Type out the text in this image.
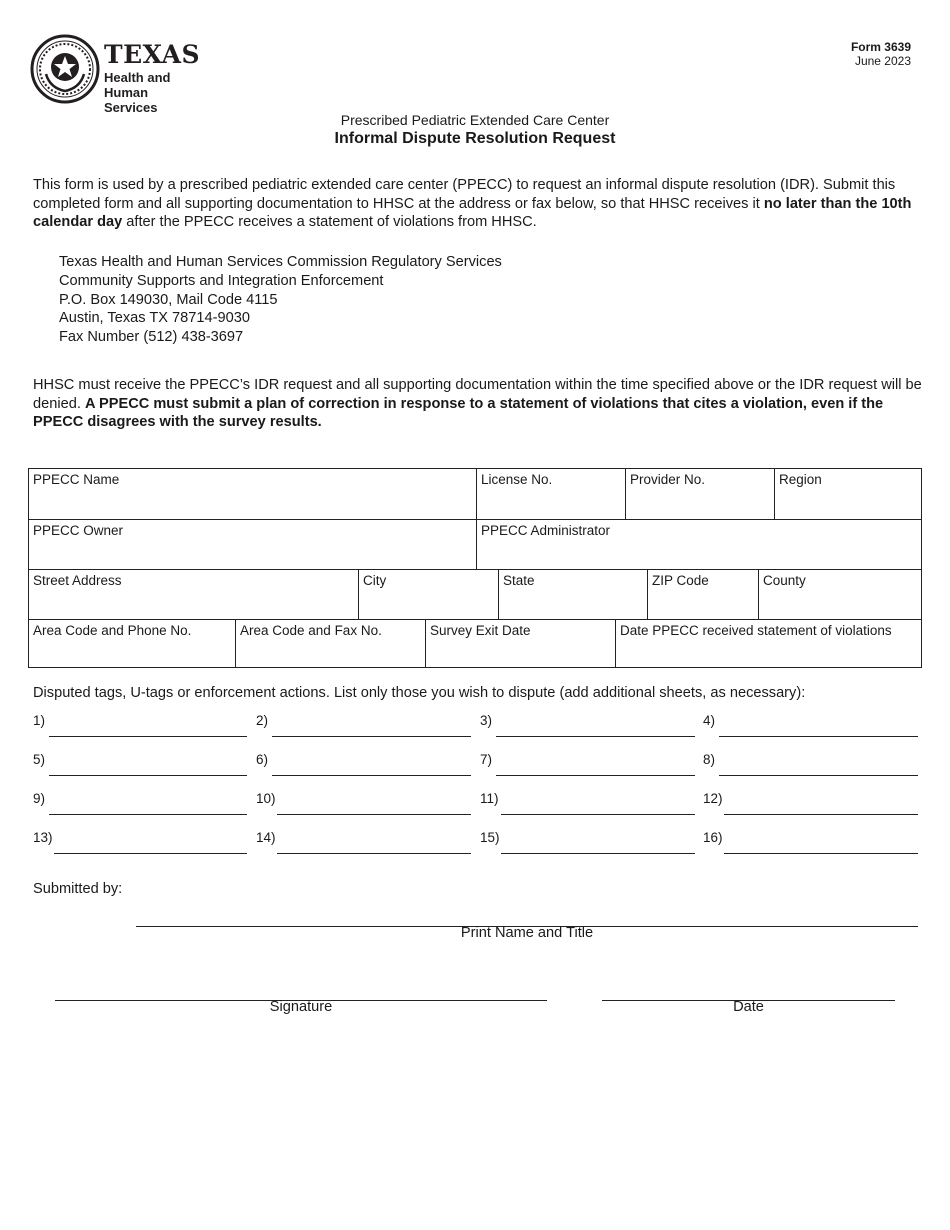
TEXAS
Health and Human
Services
Form 3639
June 2023
Prescribed Pediatric Extended Care Center
Informal Dispute Resolution Request
This form is used by a prescribed pediatric extended care center (PPECC) to request an informal dispute resolution (IDR). Submit this completed form and all supporting documentation to HHSC at the address or fax below, so that HHSC receives it no later than the 10th calendar day after the PPECC receives a statement of violations from HHSC.
Texas Health and Human Services Commission Regulatory Services
Community Supports and Integration Enforcement
P.O. Box 149030, Mail Code 4115
Austin, Texas TX 78714-9030
Fax Number (512) 438-3697
HHSC must receive the PPECC’s IDR request and all supporting documentation within the time specified above or the IDR request will be denied. A PPECC must submit a plan of correction in response to a statement of violations that cites a violation, even if the PPECC disagrees with the survey results.
PPECC Name	License No.	Provider No.	Region
PPECC Owner	PPECC Administrator
Street Address	City	State	ZIP Code	County
Area Code and Phone No.	Area Code and Fax No.	Survey Exit Date	Date PPECC received statement of violations
Disputed tags, U-tags or enforcement actions. List only those you wish to dispute (add additional sheets, as necessary):
1)	2)	3)	4)
5)	6)	7)	8)
9)	10)	11)	12)
13)	14)	15)	16)
Submitted by:
Print Name and Title
Signature	Date
